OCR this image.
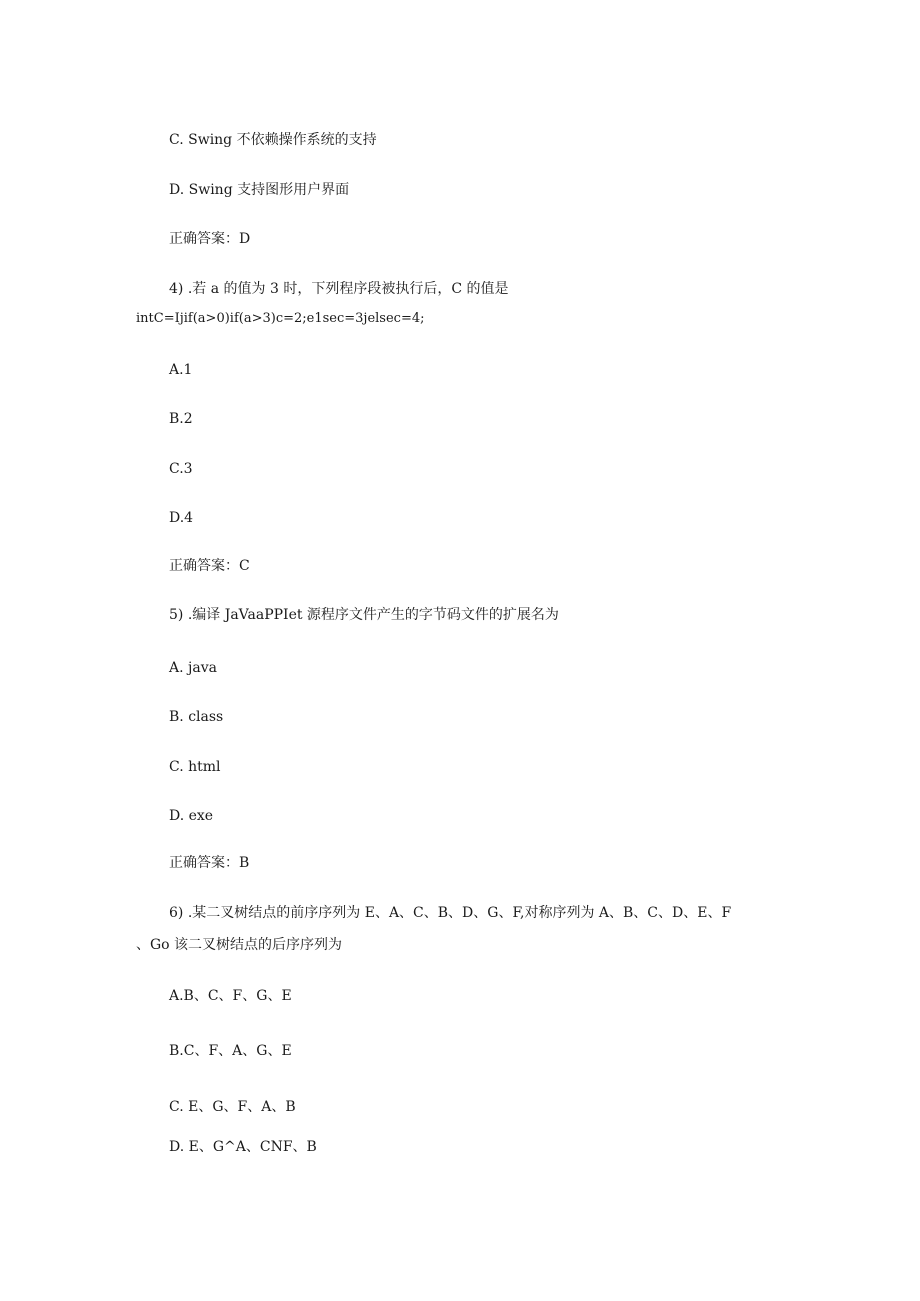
C. Swing 不依赖操作系统的支持
D. Swing 支持图形用户界面
正确答案：D
4) .若 a 的值为 3 时，下列程序段被执行后，C 的值是
intC=Ijif(a>0)if(a>3)c=2;e1sec=3jelsec=4;
A.1
B.2
C.3
D.4
正确答案：C
5) .编译 JaVaaPPIet 源程序文件产生的字节码文件的扩展名为
A. java
B. class
C. html
D. exe
正确答案：B
6) .某二叉树结点的前序序列为 E、A、C、B、D、G、F,对称序列为 A、B、C、D、E、F
、Go 该二叉树结点的后序序列为
A.B、C、F、G、E
B.C、F、A、G、E
C. E、G、F、A、B
D. E、G^A、CNF、B
